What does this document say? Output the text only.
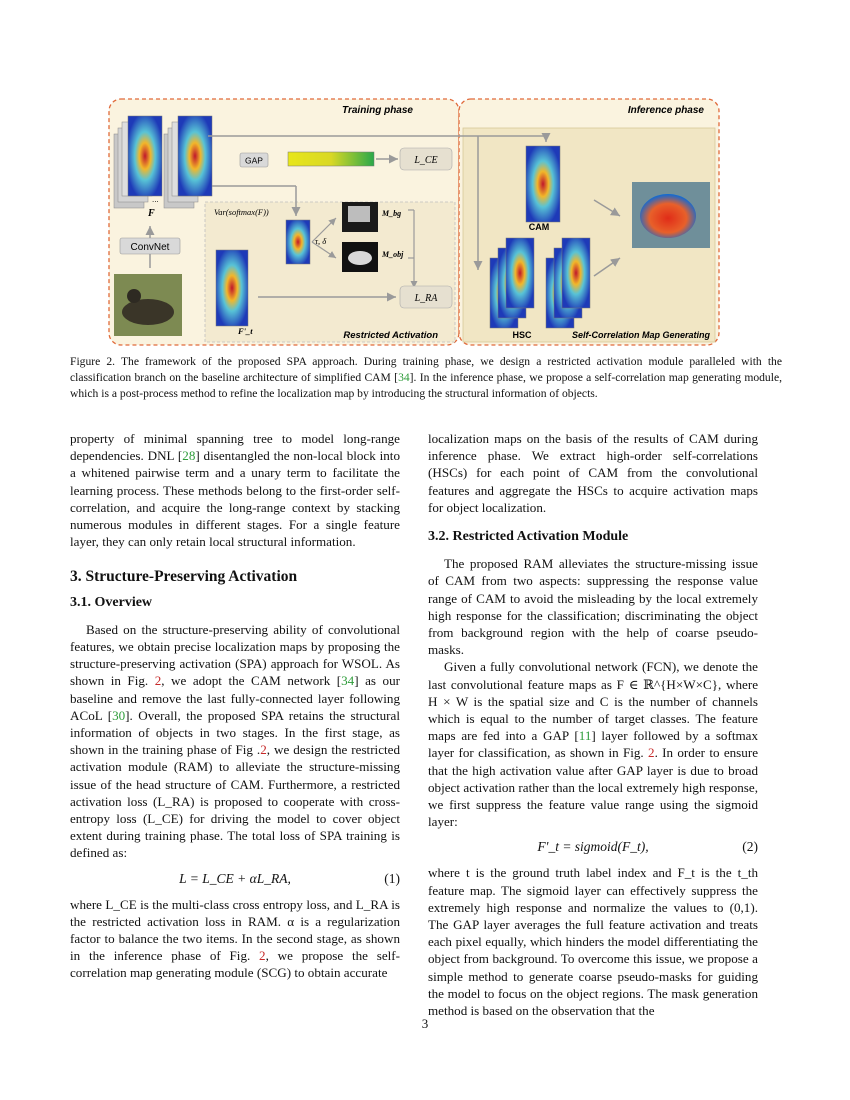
Training phase	Inference phase
...
F
ConvNet
GAP	L_CE
Var(softmax(F))
τ, δ
M_bg
M_obj
F'_t
L_RA
Restricted Activation
CAM
HSC	Self-Correlation Map Generating
Figure 2. The framework of the proposed SPA approach. During training phase, we design a restricted activation module paralleled with the classification branch on the baseline architecture of simplified CAM [34]. In the inference phase, we propose a self-correlation map generating module, which is a post-process method to refine the localization map by introducing the structural information of objects.

property of minimal spanning tree to model long-range dependencies. DNL [28] disentangled the non-local block into a whitened pairwise term and a unary term to facilitate the learning process. These methods belong to the first-order self-correlation, and acquire the long-range context by stacking numerous modules in different stages. For a single feature layer, they can only retain local structural information.

3. Structure-Preserving Activation
3.1. Overview

Based on the structure-preserving ability of convolutional features, we obtain precise localization maps by proposing the structure-preserving activation (SPA) approach for WSOL. As shown in Fig. 2, we adopt the CAM network [34] as our baseline and remove the last fully-connected layer following ACoL [30]. Overall, the proposed SPA retains the structural information of objects in two stages. In the first stage, as shown in the training phase of Fig .2, we design the restricted activation module (RAM) to alleviate the structure-missing issue of the head structure of CAM. Furthermore, a restricted activation loss (L_RA) is proposed to cooperate with cross-entropy loss (L_CE) for driving the model to cover object extent during training phase. The total loss of SPA training is defined as:

L = L_CE + αL_RA,	(1)

where L_CE is the multi-class cross entropy loss, and L_RA is the restricted activation loss in RAM. α is a regularization factor to balance the two items. In the second stage, as shown in the inference phase of Fig. 2, we propose the self-correlation map generating module (SCG) to obtain accurate

localization maps on the basis of the results of CAM during inference phase. We extract high-order self-correlations (HSCs) for each point of CAM from the convolutional features and aggregate the HSCs to acquire activation maps for object localization.

3.2. Restricted Activation Module

The proposed RAM alleviates the structure-missing issue of CAM from two aspects: suppressing the response value range of CAM to avoid the misleading by the local extremely high response for the classification; discriminating the object from background region with the help of coarse pseudo-masks.

Given a fully convolutional network (FCN), we denote the last convolutional feature maps as F ∈ ℝ^{H×W×C}, where H × W is the spatial size and C is the number of channels which is equal to the number of target classes. The feature maps are fed into a GAP [11] layer followed by a softmax layer for classification, as shown in Fig. 2. In order to ensure that the high activation value after GAP layer is due to broad object activation rather than the local extremely high response, we first suppress the feature value range using the sigmoid layer:

F'_t = sigmoid(F_t),	(2)

where t is the ground truth label index and F_t is the t_th feature map. The sigmoid layer can effectively suppress the extremely high response and normalize the values to (0,1). The GAP layer averages the full feature activation and treats each pixel equally, which hinders the model differentiating the object from background. To overcome this issue, we propose a simple method to generate coarse pseudo-masks for guiding the model to focus on the object regions. The mask generation method is based on the observation that the

3
